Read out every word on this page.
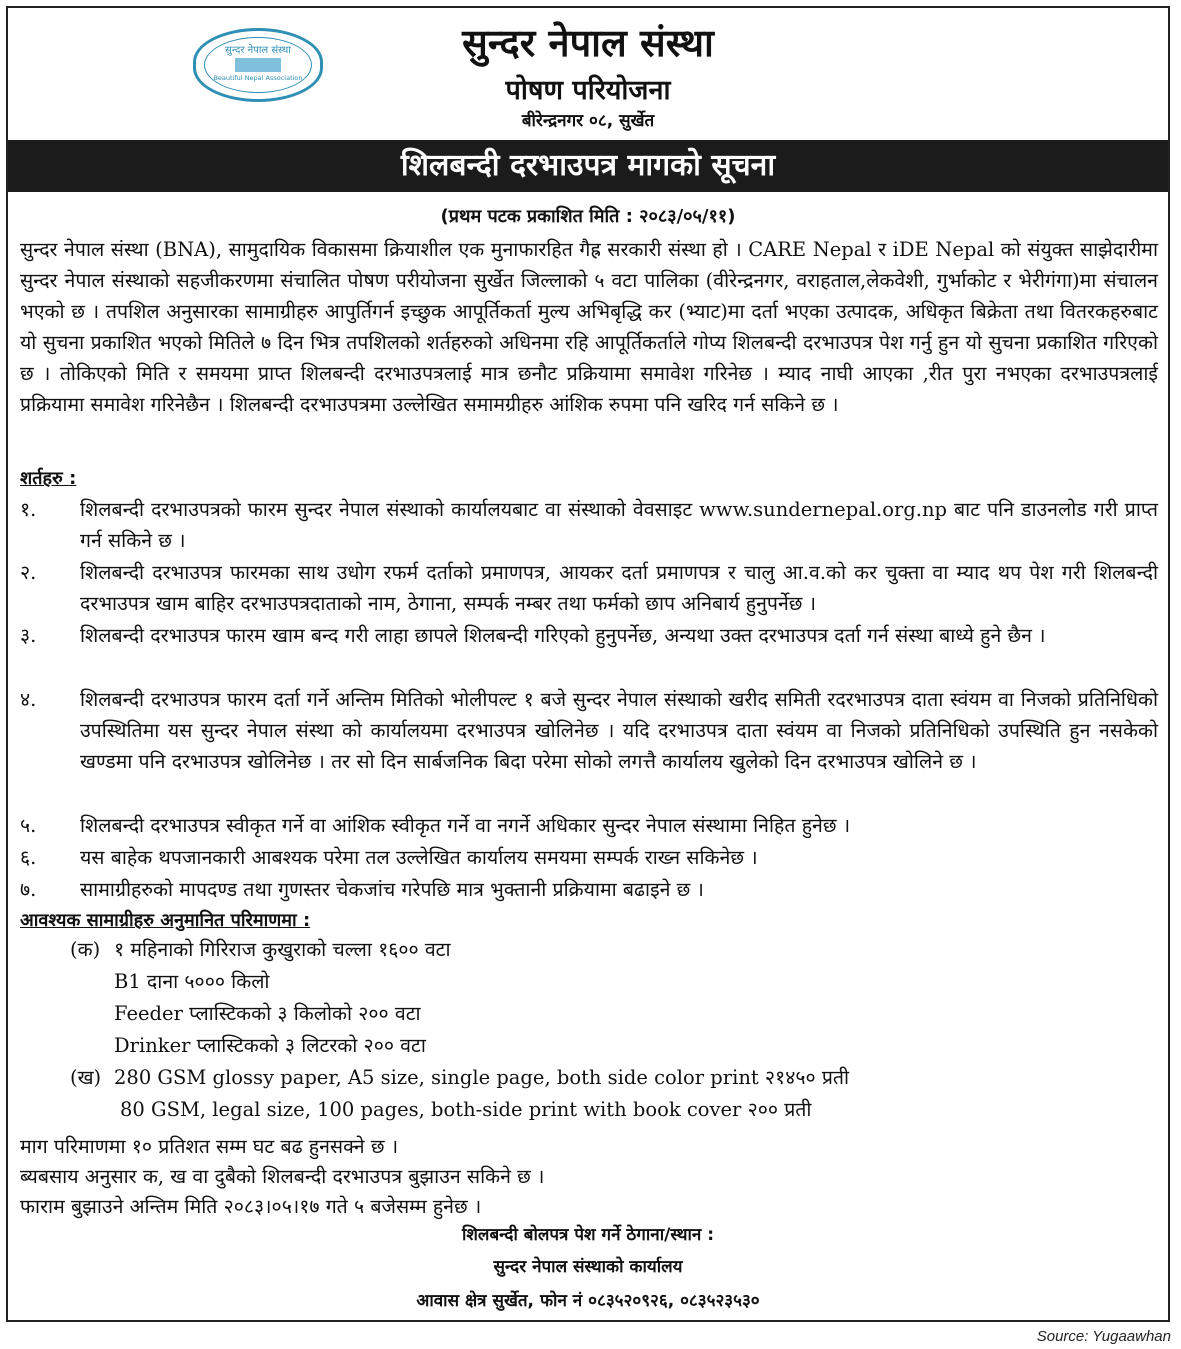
सुन्दर नेपाल संस्था
Beautiful Nepal Association
सुन्दर नेपाल संस्था
पोषण परियोजना
बीरेन्द्रनगर ०८, सुर्खेत
शिलबन्दी दरभाउपत्र मागको सूचना
(प्रथम पटक प्रकाशित मिति : २०८३/०५/११)
सुन्दर नेपाल संस्था (BNA), सामुदायिक विकासमा क्रियाशील एक मुनाफारहित गैह्र सरकारी संस्था हो । CARE Nepal र iDE Nepal को संयुक्त साझेदारीमा सुन्दर नेपाल संस्थाको सहजीकरणमा संचालित पोषण परीयोजना सुर्खेत जिल्लाको ५ वटा पालिका (वीरेन्द्रनगर, वराहताल,लेकवेशी, गुर्भाकोट र भेरीगंगा)मा संचालन भएको छ । तपशिल अनुसारका सामाग्रीहरु आपुर्तिगर्न इच्छुक आपूर्तिकर्ता मुल्य अभिबृद्धि कर (भ्याट)मा दर्ता भएका उत्पादक, अधिकृत बिक्रेता तथा वितरकहरुबाट यो सुचना प्रकाशित भएको मितिले ७ दिन भित्र तपशिलको शर्तहरुको अधिनमा रहि आपूर्तिकर्ताले गोप्य शिलबन्दी दरभाउपत्र पेश गर्नु हुन यो सुचना प्रकाशित गरिएको छ । तोकिएको मिति र समयमा प्राप्त शिलबन्दी दरभाउपत्रलाई मात्र छनौट प्रक्रियामा समावेश गरिनेछ । म्याद नाघी आएका ,रीत पुरा नभएका दरभाउपत्रलाई प्रक्रियामा समावेश गरिनेछैन । शिलबन्दी दरभाउपत्रमा उल्लेखित समामग्रीहरु आंशिक रुपमा पनि खरिद गर्न सकिने छ ।
शर्तहरु :
१.	शिलबन्दी दरभाउपत्रको फारम सुन्दर नेपाल संस्थाको कार्यालयबाट वा संस्थाको वेवसाइट www.sundernepal.org.np बाट पनि डाउनलोड गरी प्राप्त गर्न सकिने छ ।
२.	शिलबन्दी दरभाउपत्र फारमका साथ उधोग रफर्म दर्ताको प्रमाणपत्र, आयकर दर्ता प्रमाणपत्र र चालु आ.व.को कर चुक्ता वा म्याद थप पेश गरी शिलबन्दी दरभाउपत्र खाम बाहिर दरभाउपत्रदाताको नाम, ठेगाना, सम्पर्क नम्बर तथा फर्मको छाप अनिबार्य हुनुपर्नेछ ।
३.	शिलबन्दी दरभाउपत्र फारम खाम बन्द गरी लाहा छापले शिलबन्दी गरिएको हुनुपर्नेछ, अन्यथा उक्त दरभाउपत्र दर्ता गर्न संस्था बाध्ये हुने छैन ।
४.	शिलबन्दी दरभाउपत्र फारम दर्ता गर्ने अन्तिम मितिको भोलीपल्ट १ बजे सुन्दर नेपाल संस्थाको खरीद समिती रदरभाउपत्र दाता स्वंयम वा निजको प्रतिनिधिको उपस्थितिमा यस सुन्दर नेपाल संस्था को कार्यालयमा दरभाउपत्र खोलिनेछ । यदि दरभाउपत्र दाता स्वंयम वा निजको प्रतिनिधिको उपस्थिति हुन नसकेको खण्डमा पनि दरभाउपत्र खोलिनेछ । तर सो दिन सार्बजनिक बिदा परेमा सोको लगत्तै कार्यालय खुलेको दिन दरभाउपत्र खोलिने छ ।
५.	शिलबन्दी दरभाउपत्र स्वीकृत गर्ने वा आंशिक स्वीकृत गर्ने वा नगर्ने अधिकार सुन्दर नेपाल संस्थामा निहित हुनेछ ।
६.	यस बाहेक थपजानकारी आबश्यक परेमा तल उल्लेखित कार्यालय समयमा सम्पर्क राख्न सकिनेछ ।
७.	सामाग्रीहरुको मापदण्ड तथा गुणस्तर चेकजांच गरेपछि मात्र भुक्तानी प्रक्रियामा बढाइने छ ।
आवश्यक सामाग्रीहरु अनुमानित परिमाणमा :
(क) १ महिनाको गिरिराज कुखुराको चल्ला १६०० वटा
B1 दाना ५००० किलो
Feeder प्लास्टिकको ३ किलोको २०० वटा
Drinker प्लास्टिकको ३ लिटरको २०० वटा
(ख) 280 GSM glossy paper, A5 size, single page, both side color print २१४५० प्रती
80 GSM, legal size, 100 pages, both-side print with book cover २०० प्रती
माग परिमाणमा १० प्रतिशत सम्म घट बढ हुनसक्ने छ ।
ब्यबसाय अनुसार क, ख वा दुबैको शिलबन्दी दरभाउपत्र बुझाउन सकिने छ ।
फाराम बुझाउने अन्तिम मिति २०८३।०५।१७ गते ५ बजेसम्म हुनेछ ।
शिलबन्दी बोलपत्र पेश गर्ने ठेगाना/स्थान :
सुन्दर नेपाल संस्थाको कार्यालय
आवास क्षेत्र सुर्खेत, फोन नं ०८३५२०९२६, ०८३५२३५३०
Source: Yugaawhan
